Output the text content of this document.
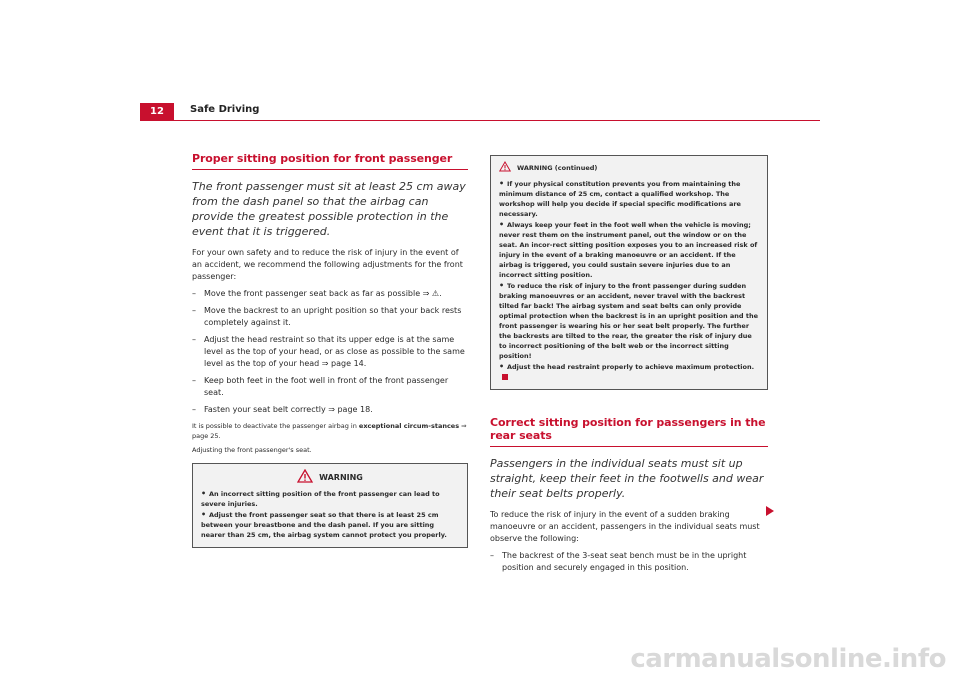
12	Safe Driving
Proper sitting position for front passenger

The front passenger must sit at least 25 cm away from the dash panel so that the airbag can provide the greatest possible protection in the event that it is triggered.

For your own safety and to reduce the risk of injury in the event of an accident, we recommend the following adjustments for the front passenger:

– Move the front passenger seat back as far as possible ⇒ ⚠.
– Move the backrest to an upright position so that your back rests completely against it.
– Adjust the head restraint so that its upper edge is at the same level as the top of your head, or as close as possible to the same level as the top of your head ⇒ page 14.
– Keep both feet in the foot well in front of the front passenger seat.
– Fasten your seat belt correctly ⇒ page 18.

It is possible to deactivate the passenger airbag in exceptional circum-stances ⇒ page 25.

Adjusting the front passenger's seat.

WARNING
• An incorrect sitting position of the front passenger can lead to severe injuries.
• Adjust the front passenger seat so that there is at least 25 cm between your breastbone and the dash panel. If you are sitting nearer than 25 cm, the airbag system cannot protect you properly.
WARNING (continued)
• If your physical constitution prevents you from maintaining the minimum distance of 25 cm, contact a qualified workshop. The workshop will help you decide if special specific modifications are necessary.
• Always keep your feet in the foot well when the vehicle is moving; never rest them on the instrument panel, out the window or on the seat. An incor-rect sitting position exposes you to an increased risk of injury in the event of a braking manoeuvre or an accident. If the airbag is triggered, you could sustain severe injuries due to an incorrect sitting position.
• To reduce the risk of injury to the front passenger during sudden braking manoeuvres or an accident, never travel with the backrest tilted far back! The airbag system and seat belts can only provide optimal protection when the backrest is in an upright position and the front passenger is wearing his or her seat belt properly. The further the backrests are tilted to the rear, the greater the risk of injury due to incorrect positioning of the belt web or the incorrect sitting position!
• Adjust the head restraint properly to achieve maximum protection.
Correct sitting position for passengers in the rear seats

Passengers in the individual seats must sit up straight, keep their feet in the footwells and wear their seat belts properly.

To reduce the risk of injury in the event of a sudden braking manoeuvre or an accident, passengers in the individual seats must observe the following:

– The backrest of the 3-seat seat bench must be in the upright position and securely engaged in this position.
carmanualsonline.info
